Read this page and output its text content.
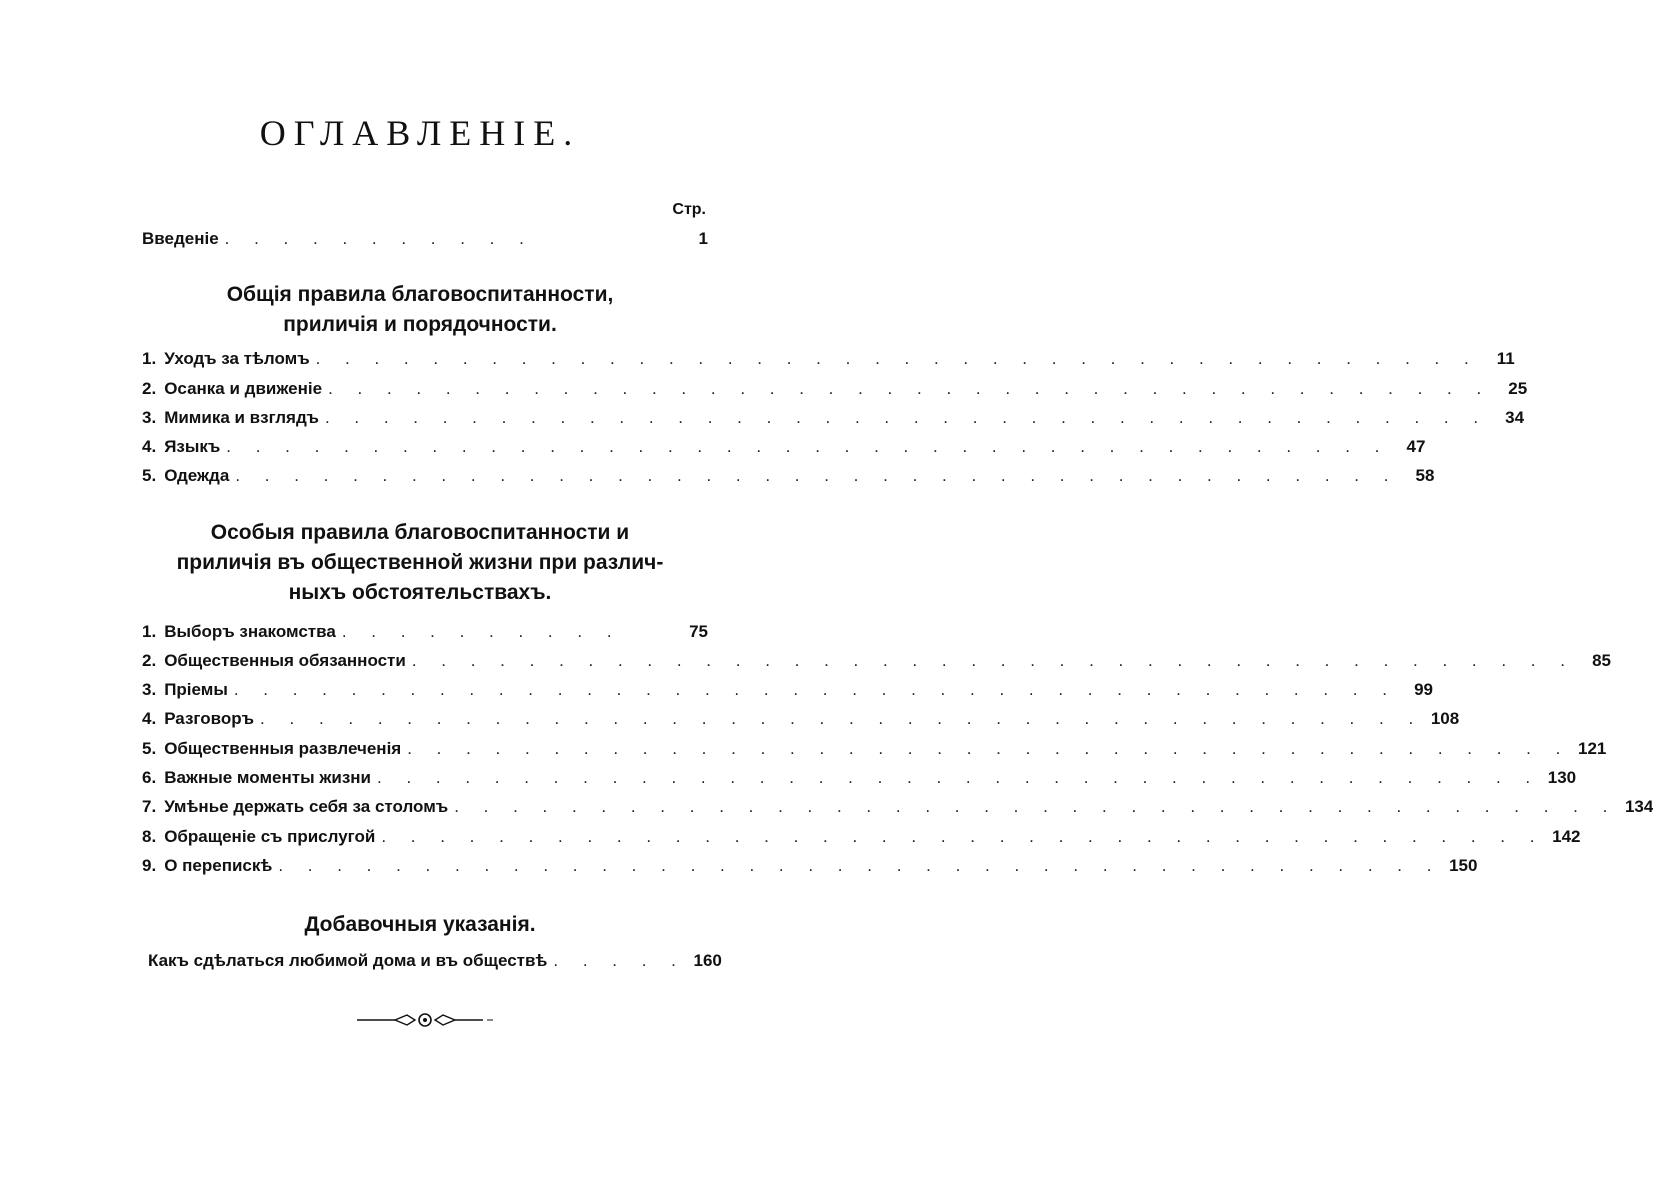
ОГЛАВЛЕНIЕ.
Стр.
Введенiе . . . . . . . . . . .	1
Общiя правила благовоспитанности,
приличiя и порядочности.
1. Уходъ за тѣломъ . . . . . . . . . . . . . . . . . . . . . . . . . . . . . . . . . . . . . . . .	11
2. Осанка и движенiе . . . . . . . . . . . . . . . . . . . . . . . . . . . . . . . . . . . . . . . .	25
3. Мимика и взглядъ . . . . . . . . . . . . . . . . . . . . . . . . . . . . . . . . . . . . . . . .	34
4. Языкъ . . . . . . . . . . . . . . . . . . . . . . . . . . . . . . . . . . . . . . . .	47
5. Одежда . . . . . . . . . . . . . . . . . . . . . . . . . . . . . . . . . . . . . . . .	58
Особыя правила благовоспитанности и
приличiя въ общественной жизни при различ-
ныхъ обстоятельствахъ.
1. Выборъ знакомства . . . . . . . . . .	75
2. Общественныя обязанности . . . . . . . . . . . . . . . . . . . . . . . . . . . . . . . . . . . . . . . .	85
3. Прiемы . . . . . . . . . . . . . . . . . . . . . . . . . . . . . . . . . . . . . . . .	99
4. Разговоръ . . . . . . . . . . . . . . . . . . . . . . . . . . . . . . . . . . . . . . . . 108
5. Общественныя развлеченiя . . . . . . . . . . . . . . . . . . . . . . . . . . . . . . . . . . . . . . . . 121
6. Важные моменты жизни . . . . . . . . . . . . . . . . . . . . . . . . . . . . . . . . . . . . . . . . 130
7. Умѣнье держать себя за столомъ . . . . . . . . . . . . . . . . . . . . . . . . . . . . . . . . . . . . . . . . 134
8. Обращенiе съ прислугой . . . . . . . . . . . . . . . . . . . . . . . . . . . . . . . . . . . . . . . . 142
9. О перепискѣ . . . . . . . . . . . . . . . . . . . . . . . . . . . . . . . . . . . . . . . . 150
Добавочныя указанiя.
Какъ сдѣлаться любимой дома и въ обществѣ . . . . . 160
